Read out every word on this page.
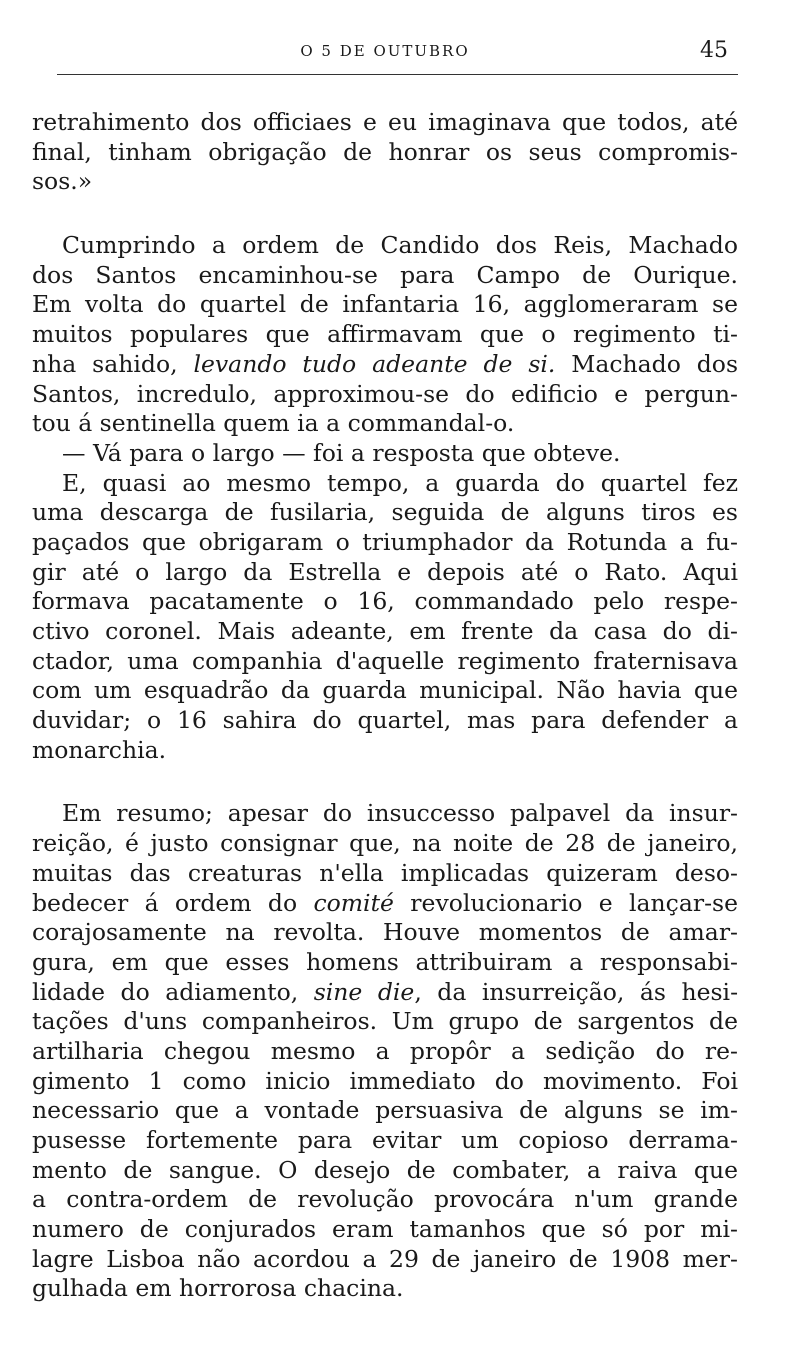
O 5 DE OUTUBRO	45

retrahimento dos officiaes e eu imaginava que todos, até

final, tinham obrigação de honrar os seus compromis-

sos.»

Cumprindo a ordem de Candido dos Reis, Machado

dos Santos encaminhou-se para Campo de Ourique.

Em volta do quartel de infantaria 16, agglomeraram se

muitos populares que affirmavam que o regimento ti-

nha sahido, levando tudo adeante de si. Machado dos

Santos, incredulo, approximou-se do edificio e pergun-

tou á sentinella quem ia a commandal-o.

— Vá para o largo — foi a resposta que obteve.

E, quasi ao mesmo tempo, a guarda do quartel fez

uma descarga de fusilaria, seguida de alguns tiros es

paçados que obrigaram o triumphador da Rotunda a fu-

gir até o largo da Estrella e depois até o Rato. Aqui

formava pacatamente o 16, commandado pelo respe-

ctivo coronel. Mais adeante, em frente da casa do di-

ctador, uma companhia d'aquelle regimento fraternisava

com um esquadrão da guarda municipal. Não havia que

duvidar; o 16 sahira do quartel, mas para defender a

monarchia.

Em resumo; apesar do insuccesso palpavel da insur-

reição, é justo consignar que, na noite de 28 de janeiro,

muitas das creaturas n'ella implicadas quizeram deso-

bedecer á ordem do comité revolucionario e lançar-se

corajosamente na revolta. Houve momentos de amar-

gura, em que esses homens attribuiram a responsabi-

lidade do adiamento, sine die, da insurreição, ás hesi-

tações d'uns companheiros. Um grupo de sargentos de

artilharia chegou mesmo a propôr a sedição do re-

gimento 1 como inicio immediato do movimento. Foi

necessario que a vontade persuasiva de alguns se im-

pusesse fortemente para evitar um copioso derrama-

mento de sangue. O desejo de combater, a raiva que

a contra-ordem de revolução provocára n'um grande

numero de conjurados eram tamanhos que só por mi-

lagre Lisboa não acordou a 29 de janeiro de 1908 mer-

gulhada em horrorosa chacina.
